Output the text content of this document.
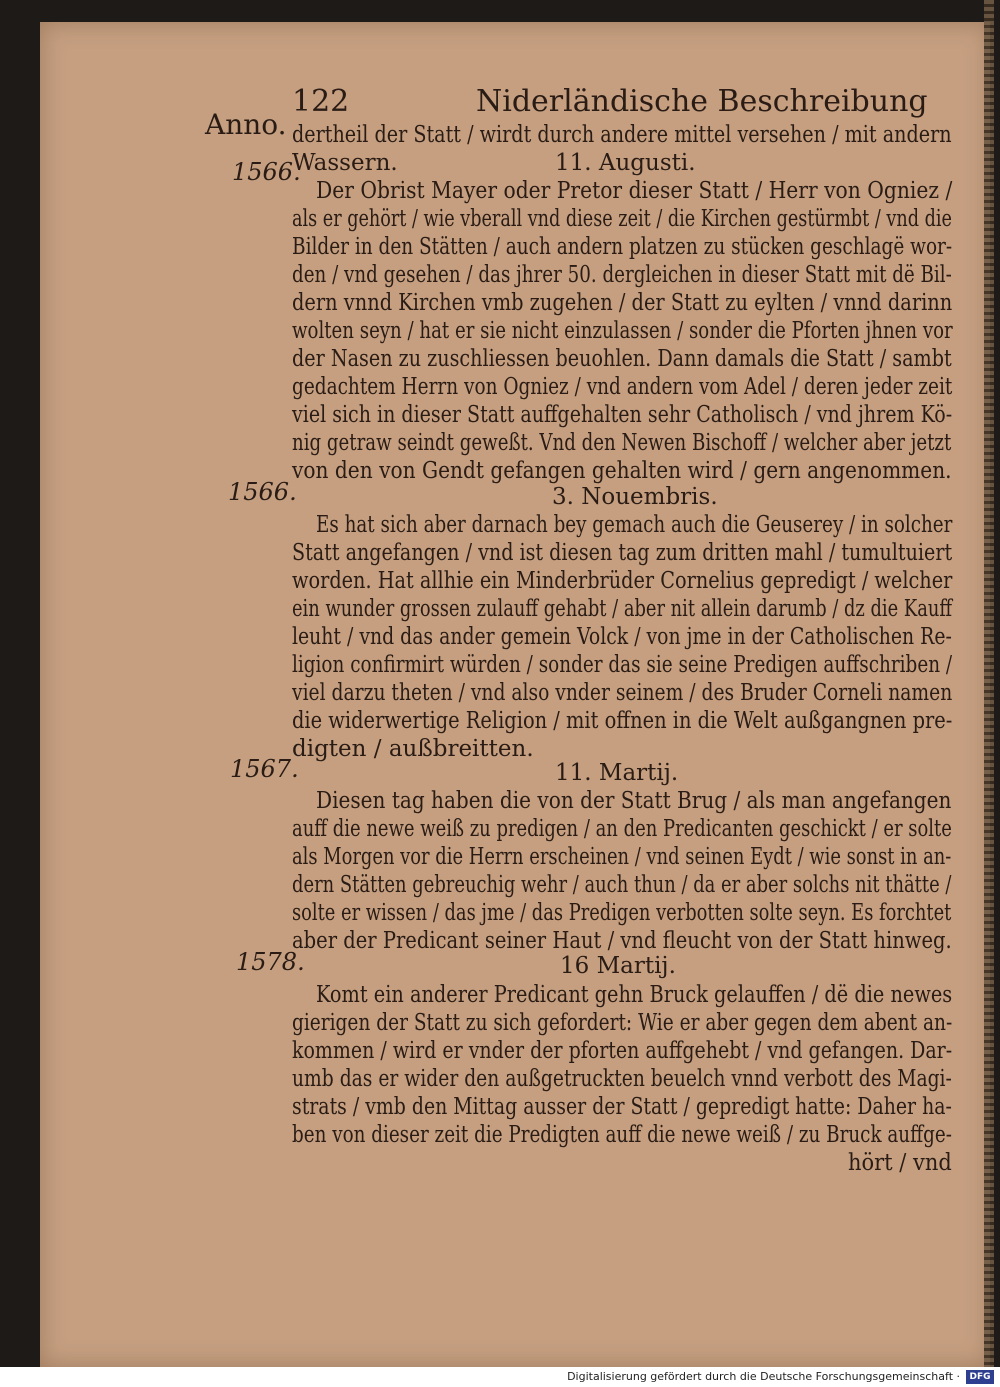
Anno.
122	Niderländische Beschreibung
1566.
1566.
1567.
1578.
dertheil der Statt / wirdt durch andere mittel versehen / mit andern
Wassern.	11. Augusti.
Der Obrist Mayer oder Pretor dieser Statt / Herr von Ogniez /
als er gehört / wie vberall vnd diese zeit / die Kirchen gestürmbt / vnd die
Bilder in den Stätten / auch andern platzen zu stücken geschlagë wor-
den / vnd gesehen / das jhrer 50. dergleichen in dieser Statt mit dë Bil-
dern vnnd Kirchen vmb zugehen / der Statt zu eylten / vnnd darinn
wolten seyn / hat er sie nicht einzulassen / sonder die Pforten jhnen vor
der Nasen zu zuschliessen beuohlen. Dann damals die Statt / sambt
gedachtem Herrn von Ogniez / vnd andern vom Adel / deren jeder zeit
viel sich in dieser Statt auffgehalten sehr Catholisch / vnd jhrem Kö-
nig getraw seindt geweßt. Vnd den Newen Bischoff / welcher aber jetzt
von den von Gendt gefangen gehalten wird / gern angenommen.
3. Nouembris.
Es hat sich aber darnach bey gemach auch die Geuserey / in solcher
Statt angefangen / vnd ist diesen tag zum dritten mahl / tumultuiert
worden. Hat allhie ein Minderbrüder Cornelius gepredigt / welcher
ein wunder grossen zulauff gehabt / aber nit allein darumb / dz die Kauff
leuht / vnd das ander gemein Volck / von jme in der Catholischen Re-
ligion confirmirt würden / sonder das sie seine Predigen auffschriben /
viel darzu theten / vnd also vnder seinem / des Bruder Corneli namen
die widerwertige Religion / mit offnen in die Welt außgangnen pre-
digten / außbreitten.
11. Martij.
Diesen tag haben die von der Statt Brug / als man angefangen
auff die newe weiß zu predigen / an den Predicanten geschickt / er solte
als Morgen vor die Herrn erscheinen / vnd seinen Eydt / wie sonst in an-
dern Stätten gebreuchig wehr / auch thun / da er aber solchs nit thätte /
solte er wissen / das jme / das Predigen verbotten solte seyn. Es forchtet
aber der Predicant seiner Haut / vnd fleucht von der Statt hinweg.
16 Martij.
Komt ein anderer Predicant gehn Bruck gelauffen / dë die newes
gierigen der Statt zu sich gefordert: Wie er aber gegen dem abent an-
kommen / wird er vnder der pforten auffgehebt / vnd gefangen. Dar-
umb das er wider den außgetruckten beuelch vnnd verbott des Magi-
strats / vmb den Mittag ausser der Statt / gepredigt hatte: Daher ha-
ben von dieser zeit die Predigten auff die newe weiß / zu Bruck auffge-
hört / vnd
Digitalisierung gefördert durch die Deutsche Forschungsgemeinschaft ·	DFG
